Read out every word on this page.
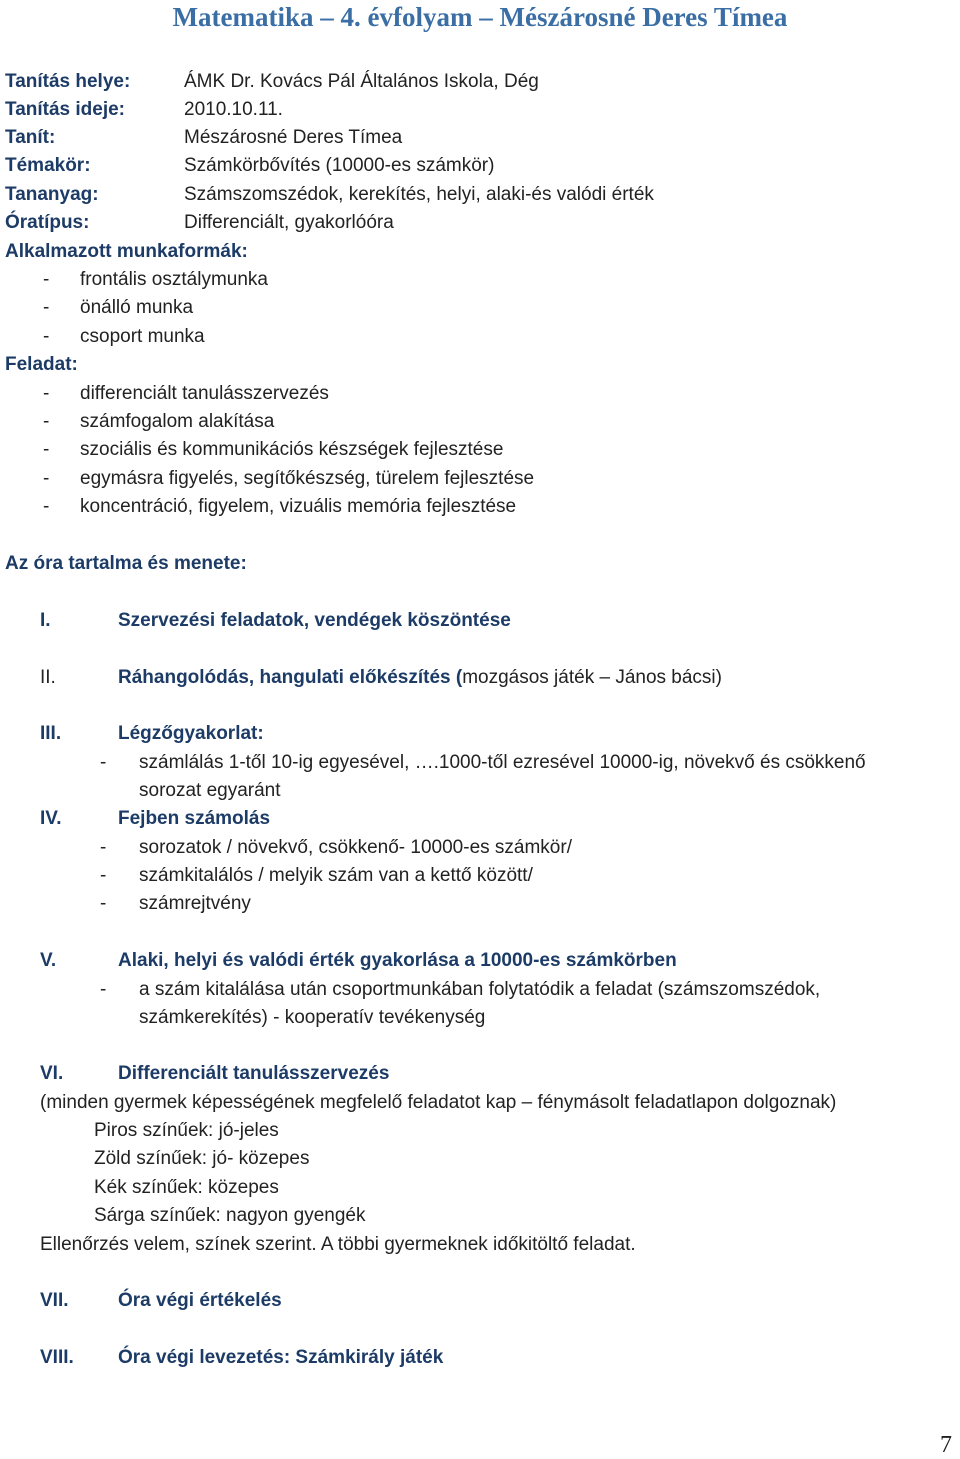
Matematika – 4. évfolyam – Mészárosné Deres Tímea
Tanítás helye:	ÁMK Dr. Kovács Pál Általános Iskola, Dég
Tanítás ideje:	2010.10.11.
Tanít:	Mészárosné Deres Tímea
Témakör:	Számkörbővítés (10000-es számkör)
Tananyag:	Számszomszédok, kerekítés, helyi, alaki-és valódi érték
Óratípus:	Differenciált, gyakorlóóra
Alkalmazott munkaformák:
- frontális osztálymunka
- önálló munka
- csoport munka
Feladat:
- differenciált tanulásszervezés
- számfogalom alakítása
- szociális és kommunikációs készségek fejlesztése
- egymásra figyelés, segítőkészség, türelem fejlesztése
- koncentráció, figyelem, vizuális memória fejlesztése
Az óra tartalma és menete:
I.	Szervezési feladatok, vendégek köszöntése
II.	Ráhangolódás, hangulati előkészítés (mozgásos játék – János bácsi)
III.	Légzőgyakorlat:
- számlálás 1-től 10-ig egyesével, ….1000-től ezresével 10000-ig, növekvő és csökkenő
sorozat egyaránt
IV.	Fejben számolás
- sorozatok / növekvő, csökkenő- 10000-es számkör/
- számkitalálós / melyik szám van a kettő között/
- számrejtvény
V.	Alaki, helyi és valódi érték gyakorlása a 10000-es számkörben
- a szám kitalálása után csoportmunkában folytatódik a feladat (számszomszédok,
számkerekítés) - kooperatív tevékenység
VI.	Differenciált tanulásszervezés
(minden gyermek képességének megfelelő feladatot kap – fénymásolt feladatlapon dolgoznak)
Piros színűek: jó-jeles
Zöld színűek: jó- közepes
Kék színűek: közepes
Sárga színűek: nagyon gyengék
Ellenőrzés velem, színek szerint. A többi gyermeknek időkitöltő feladat.
VII.	Óra végi értékelés
VIII. Óra végi levezetés: Számkirály játék
7
